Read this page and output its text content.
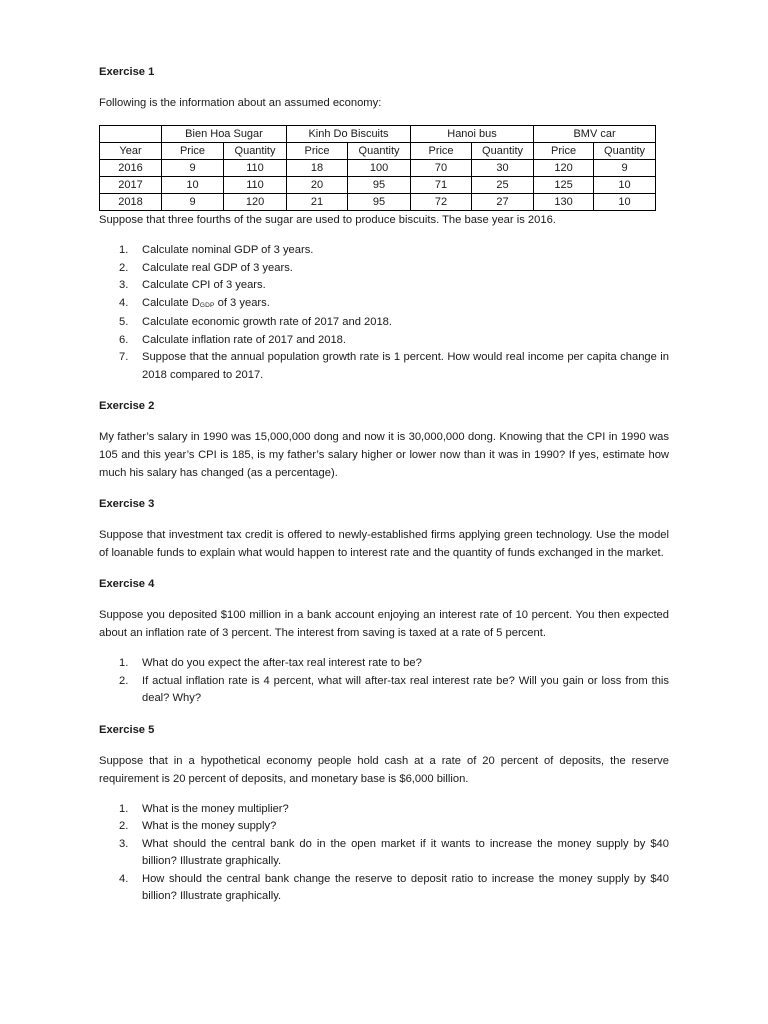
Exercise 1

Following is the information about an assumed economy:

	Bien Hoa Sugar		Kinh Do Biscuits		Hanoi bus		BMV car	
Year	Price	Quantity	Price	Quantity	Price	Quantity	Price	Quantity
2016	9	110	18	100	70	30	120	9
2017	10	110	20	95	71	25	125	10
2018	9	120	21	95	72	27	130	10

Suppose that three fourths of the sugar are used to produce biscuits. The base year is 2016.

1. Calculate nominal GDP of 3 years.
2. Calculate real GDP of 3 years.
3. Calculate CPI of 3 years.
4. Calculate DGDP of 3 years.
5. Calculate economic growth rate of 2017 and 2018.
6. Calculate inflation rate of 2017 and 2018.
7. Suppose that the annual population growth rate is 1 percent. How would real income per capita change in 2018 compared to 2017.
Exercise 2

My father’s salary in 1990 was 15,000,000 dong and now it is 30,000,000 dong. Knowing that the CPI in 1990 was 105 and this year’s CPI is 185, is my father’s salary higher or lower now than it was in 1990? If yes, estimate how much his salary has changed (as a percentage).

Exercise 3

Suppose that investment tax credit is offered to newly-established firms applying green technology. Use the model of loanable funds to explain what would happen to interest rate and the quantity of funds exchanged in the market.

Exercise 4

Suppose you deposited $100 million in a bank account enjoying an interest rate of 10 percent. You then expected about an inflation rate of 3 percent. The interest from saving is taxed at a rate of 5 percent.

1. What do you expect the after-tax real interest rate to be?
2. If actual inflation rate is 4 percent, what will after-tax real interest rate be? Will you gain or loss from this deal? Why?
Exercise 5

Suppose that in a hypothetical economy people hold cash at a rate of 20 percent of deposits, the reserve requirement is 20 percent of deposits, and monetary base is $6,000 billion.

1. What is the money multiplier?
2. What is the money supply?
3. What should the central bank do in the open market if it wants to increase the money supply by $40 billion? Illustrate graphically.
4. How should the central bank change the reserve to deposit ratio to increase the money supply by $40 billion? Illustrate graphically.
